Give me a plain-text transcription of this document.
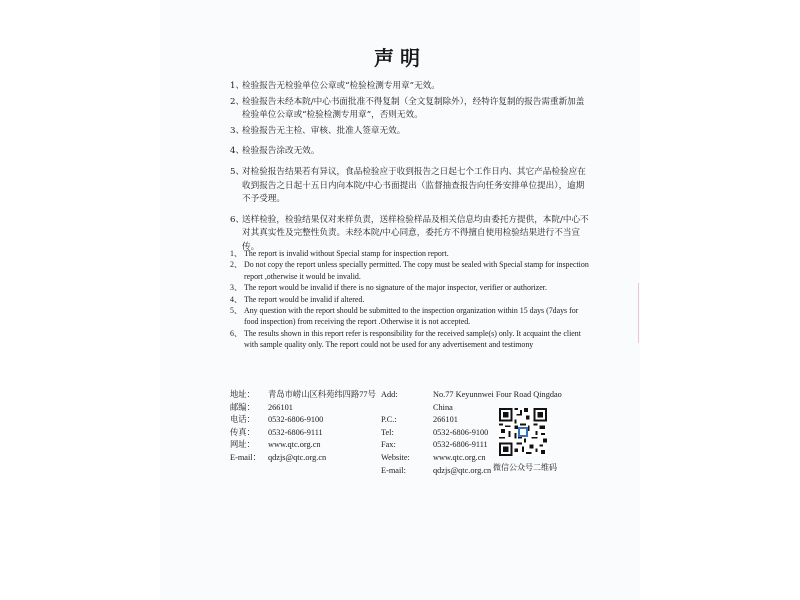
声明
1、
检验报告无检验单位公章或“检验检测专用章”无效。
2、
检验报告未经本院/中心书面批准不得复制（全文复制除外），经特许复制的报告需重新加盖检验单位公章或“检验检测专用章”，否则无效。
3、
检验报告无主检、审核、批准人签章无效。
4、
检验报告涂改无效。
5、
对检验报告结果若有异议，食品检验应于收到报告之日起七个工作日内、其它产品检验应在收到报告之日起十五日内向本院/中心书面提出（监督抽查报告向任务安排单位提出），逾期不予受理。
6、
送样检验，检验结果仅对来样负责，送样检验样品及相关信息均由委托方提供，本院/中心不对其真实性及完整性负责。未经本院/中心同意，委托方不得擅自使用检验结果进行不当宣传。
1、 The report is invalid without Special stamp for inspection report.
2、 Do not copy the report unless specially permitted. The copy must be sealed with Special stamp for inspection report ,otherwise it would be invalid.
3、 The report would be invalid if there is no signature of the major inspector, verifier or authorizer.
4、 The report would be invalid if altered.
5、 Any question with the report should be submitted to the inspection organization within 15 days (7days for food inspection) from receiving the report .Otherwise it is not accepted.
6、 The results shown in this report refer is responsibility for the received sample(s) only. It acquaint the client with sample quality only. The report could not be used for any advertisement and testimony
地址：	青岛市崂山区科苑纬四路77号
邮编：	266101
电话：	0532-6806-9100
传真：	0532-6806-9111
网址：	www.qtc.org.cn
E-mail： qdzjs@qtc.org.cn
Add:	No.77 Keyunnwei Four Road Qingdao China
P.C.:	266101
Tel:	0532-6806-9100
Fax:	0532-6806-9111
Website:	www.qtc.org.cn
E-mail:	qdzjs@qtc.org.cn 微信公众号二维码
